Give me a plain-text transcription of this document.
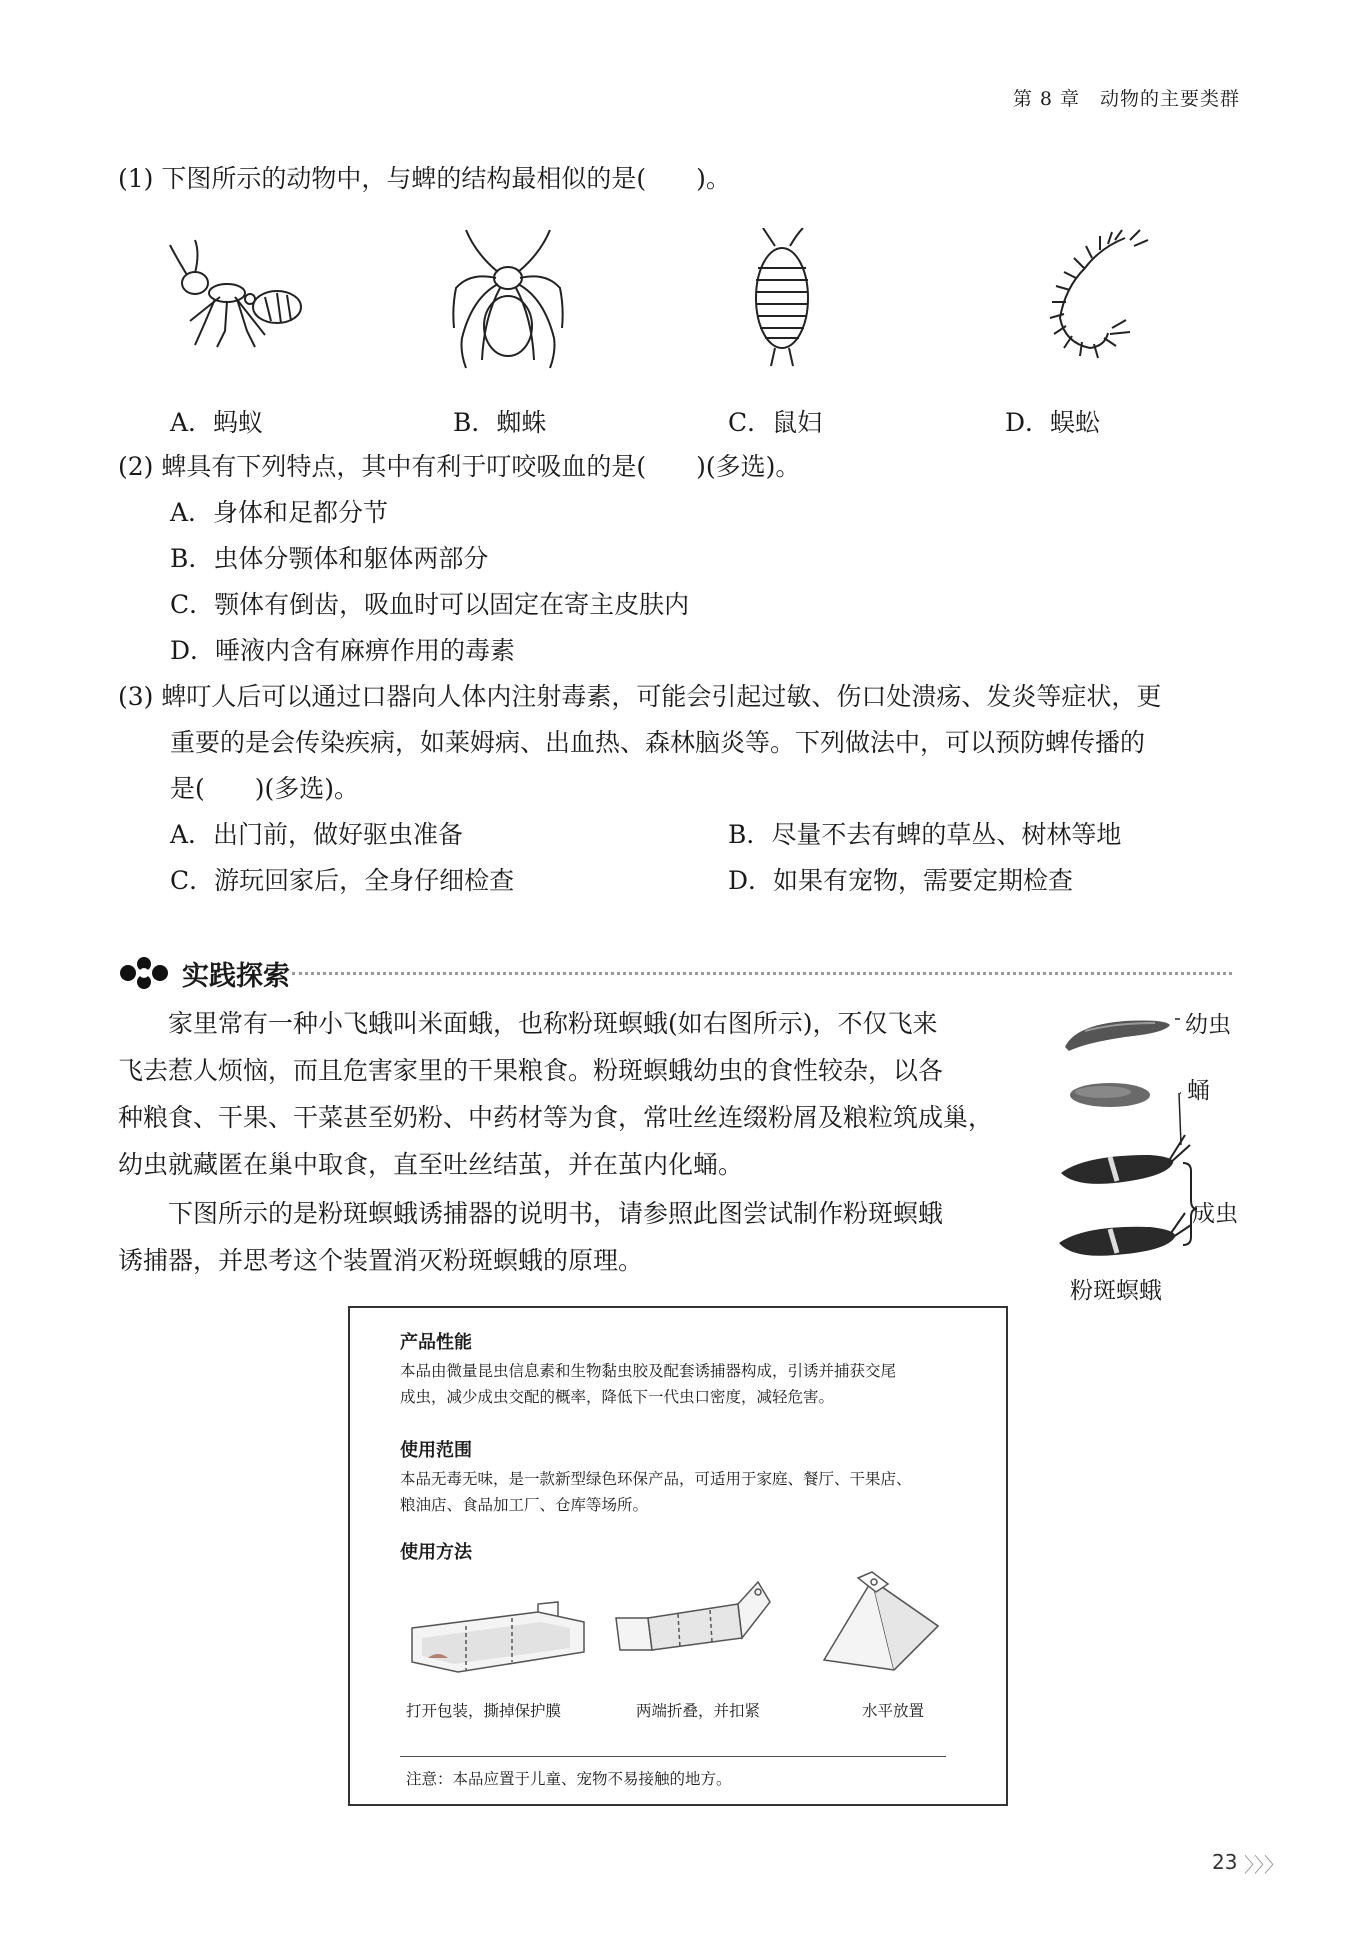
第 8 章　动物的主要类群
(1) 下图所示的动物中，与蜱的结构最相似的是(　　)。
A．蚂蚁	B．蜘蛛	C．鼠妇	D．蜈蚣
(2) 蜱具有下列特点，其中有利于叮咬吸血的是(　　)(多选)。
A．身体和足都分节
B．虫体分颚体和躯体两部分
C．颚体有倒齿，吸血时可以固定在寄主皮肤内
D．唾液内含有麻痹作用的毒素
(3) 蜱叮人后可以通过口器向人体内注射毒素，可能会引起过敏、伤口处溃疡、发炎等症状，更
重要的是会传染疾病，如莱姆病、出血热、森林脑炎等。下列做法中，可以预防蜱传播的
是(　　)(多选)。
A．出门前，做好驱虫准备	B．尽量不去有蜱的草丛、树林等地
C．游玩回家后，全身仔细检查	D．如果有宠物，需要定期检查
实践探索
家里常有一种小飞蛾叫米面蛾，也称粉斑螟蛾(如右图所示)，不仅飞来
飞去惹人烦恼，而且危害家里的干果粮食。粉斑螟蛾幼虫的食性较杂，以各
种粮食、干果、干菜甚至奶粉、中药材等为食，常吐丝连缀粉屑及粮粒筑成巢，
幼虫就藏匿在巢中取食，直至吐丝结茧，并在茧内化蛹。
下图所示的是粉斑螟蛾诱捕器的说明书，请参照此图尝试制作粉斑螟蛾
诱捕器，并思考这个装置消灭粉斑螟蛾的原理。
幼虫
蛹
成虫
粉斑螟蛾
产品性能
本品由微量昆虫信息素和生物黏虫胶及配套诱捕器构成，引诱并捕获交尾
成虫，减少成虫交配的概率，降低下一代虫口密度，减轻危害。
使用范围
本品无毒无味，是一款新型绿色环保产品，可适用于家庭、餐厅、干果店、
粮油店、食品加工厂、仓库等场所。
使用方法
打开包装，撕掉保护膜	两端折叠，并扣紧	水平放置
注意：本品应置于儿童、宠物不易接触的地方。
23 〉〉〉
